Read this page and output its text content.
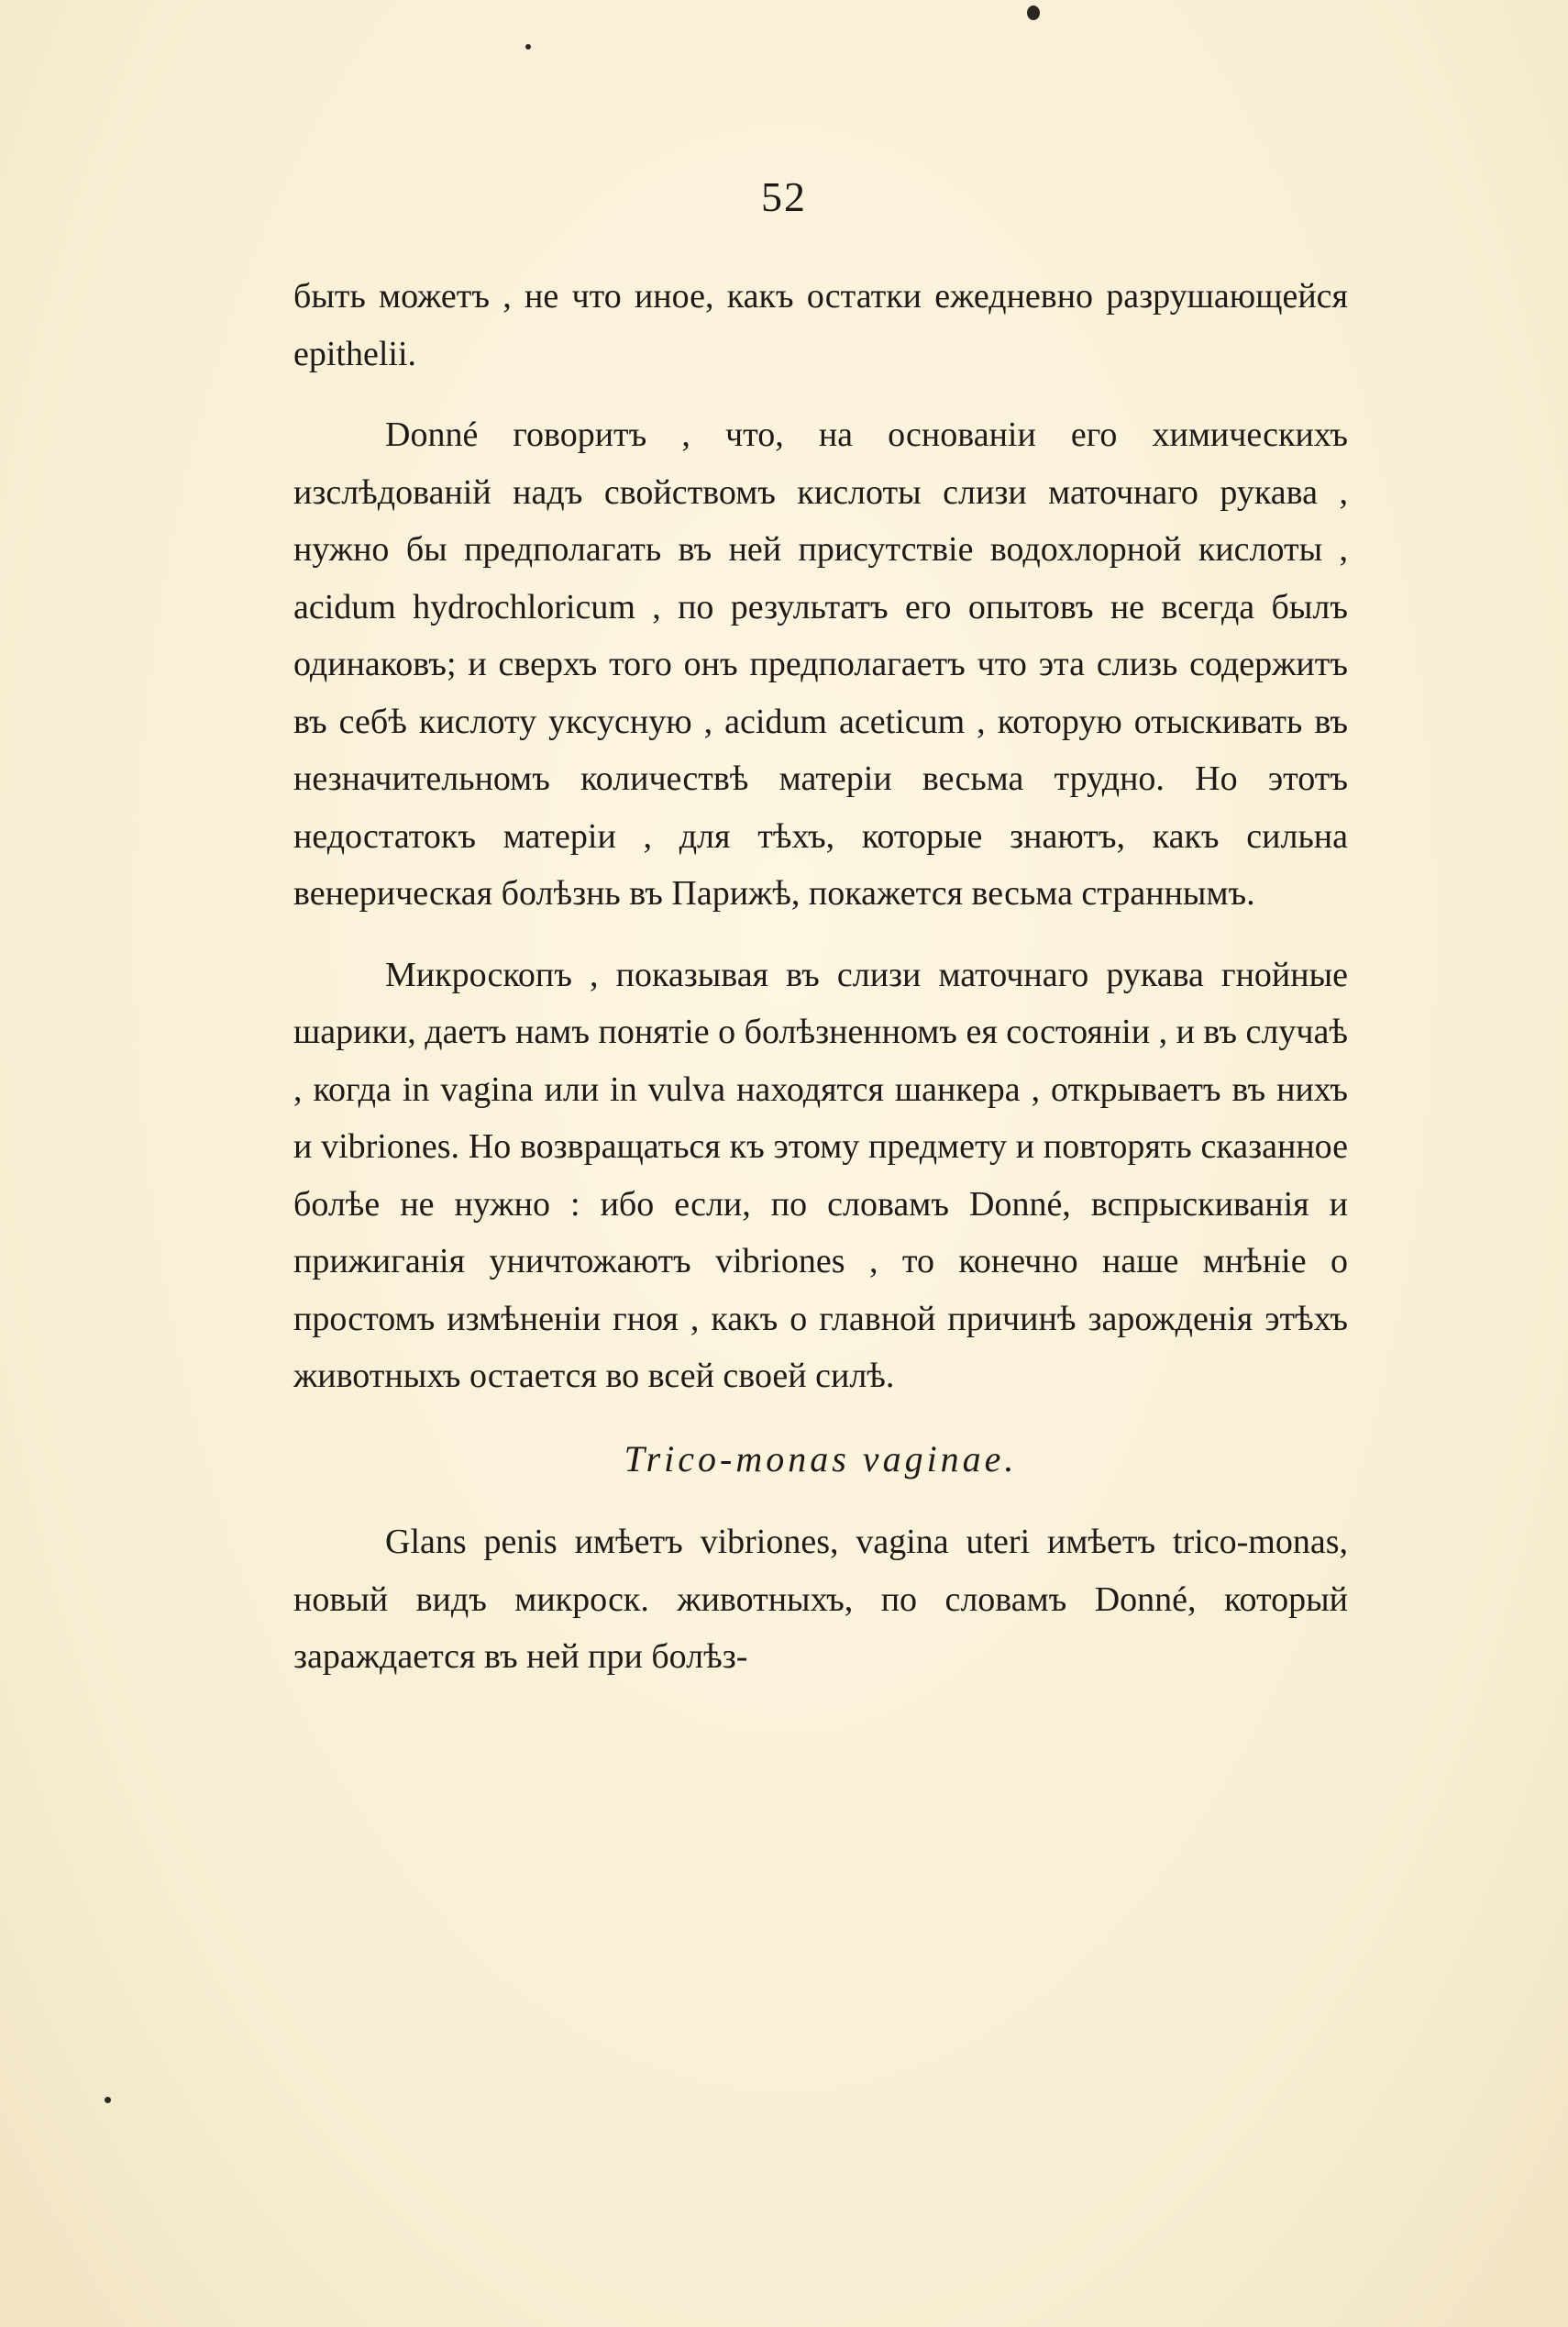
52

быть можетъ , не что иное, какъ остатки ежедневно разрушающейся epithelii.

Donné говоритъ , что, на основаніи его химическихъ изслѣдованій надъ свойствомъ кислоты слизи маточнаго рукава , нужно бы предполагать въ ней присутствіе водохлорной кислоты , acidum hydrochloricum , по результатъ его опытовъ не всегда былъ одинаковъ; и сверхъ того онъ предполагаетъ что эта слизь содержитъ въ себѣ кислоту уксусную , acidum aceticum , которую отыскивать въ незначительномъ количествѣ матеріи весьма трудно. Но этотъ недостатокъ матеріи , для тѣхъ, которые знаютъ, какъ сильна венерическая болѣзнь въ Парижѣ, покажется весьма страннымъ.

Микроскопъ , показывая въ слизи маточнаго рукава гнойные шарики, даетъ намъ понятіе о болѣзненномъ ея состояніи , и въ случаѣ , когда in vagina или in vulva находятся шанкера , открываетъ въ нихъ и vibriones. Но возвращаться къ этому предмету и повторять сказанное болѣе не нужно : ибо если, по словамъ Donné, вспрыскиванія и прижиганія уничтожаютъ vibriones , то конечно наше мнѣніе о простомъ измѣненіи гноя , какъ о главной причинѣ зарожденія этѣхъ животныхъ остается во всей своей силѣ.

Trico-monas vaginae.

Glans penis имѣетъ vibriones, vagina uteri имѣетъ trico-monas, новый видъ микроск. животныхъ, по словамъ Donné, который зараждается въ ней при болѣз-
